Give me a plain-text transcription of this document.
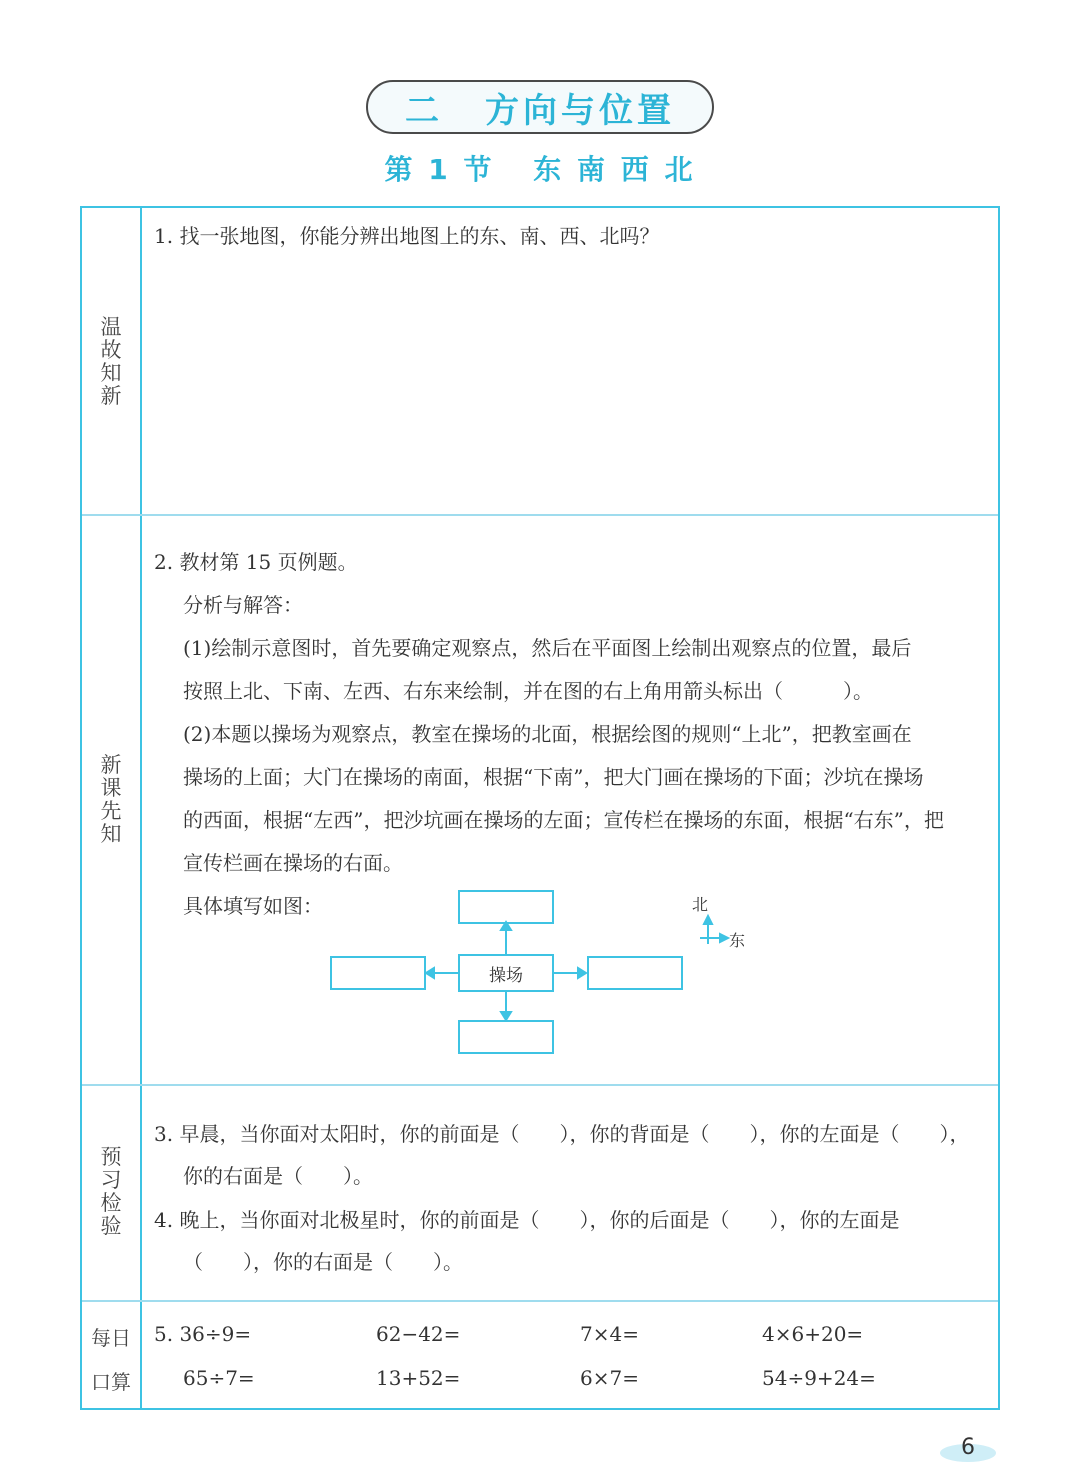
二 方向与位置
第 1 节 东 南 西 北
温
故
知
新
新
课
先
知
预
习
检
验
每日
口算
1. 找一张地图，你能分辨出地图上的东、南、西、北吗？
2. 教材第 15 页例题。
分析与解答：
(1)绘制示意图时，首先要确定观察点，然后在平面图上绘制出观察点的位置，最后
按照上北、下南、左西、右东来绘制，并在图的右上角用箭头标出（　　　）。
(2)本题以操场为观察点，教室在操场的北面，根据绘图的规则“上北”，把教室画在
操场的上面；大门在操场的南面，根据“下南”，把大门画在操场的下面；沙坑在操场
的西面，根据“左西”，把沙坑画在操场的左面；宣传栏在操场的东面，根据“右东”，把
宣传栏画在操场的右面。
具体填写如图：
操场
北
东
3. 早晨，当你面对太阳时，你的前面是（　　），你的背面是（　　），你的左面是（　　），
你的右面是（　　）。
4. 晚上，当你面对北极星时，你的前面是（　　），你的后面是（　　），你的左面是
（　　），你的右面是（　　）。
5. 36÷9=	62−42=	7×4=	4×6+20=
65÷7=	13+52=	6×7=	54÷9+24=
6
